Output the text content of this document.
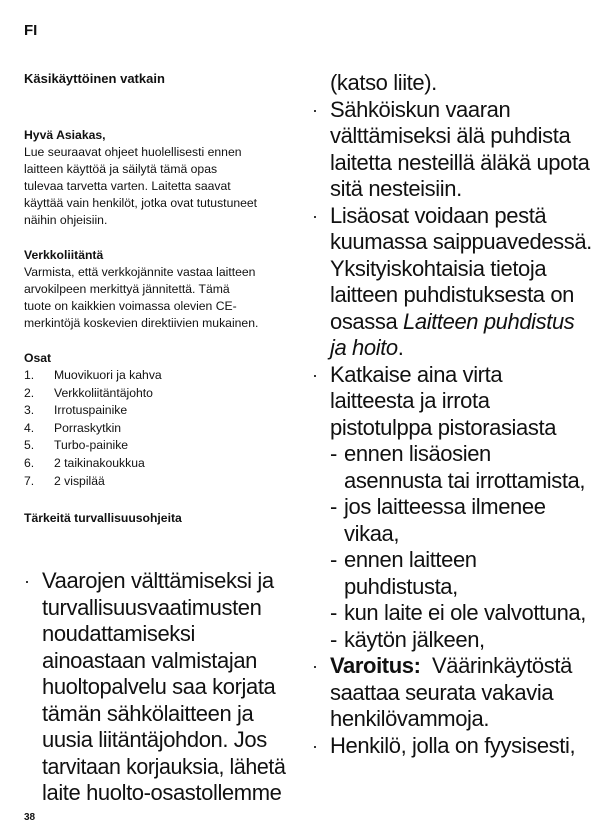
FI
Käsikäyttöinen vatkain
Hyvä Asiakas,
Lue seuraavat ohjeet huolellisesti ennen
laitteen käyttöä ja säilytä tämä opas
tulevaa tarvetta varten. Laitetta saavat
käyttää vain henkilöt, jotka ovat tutustuneet
näihin ohjeisiin.
Verkkoliitäntä
Varmista, että verkkojännite vastaa laitteen
arvokilpeen merkittyä jännitettä. Tämä
tuote on kaikkien voimassa olevien CE-
merkintöjä koskevien direktiivien mukainen.
Osat
1.	Muovikuori ja kahva
2.	Verkkoliitäntäjohto
3.	Irrotuspainike
4.	Porraskytkin
5.	Turbo-painike
6.	2 taikinakoukkua
7.	2 vispilää
Tärkeitä turvallisuusohjeita
· Vaarojen välttämiseksi ja
turvallisuusvaatimusten
noudattamiseksi
ainoastaan valmistajan
huoltopalvelu saa korjata
tämän sähkölaitteen ja
uusia liitäntäjohdon. Jos
tarvitaan korjauksia, lähetä
laite huolto-osastollemme
(katso liite).
· Sähköiskun vaaran
välttämiseksi älä puhdista
laitetta nesteillä äläkä upota
sitä nesteisiin.
· Lisäosat voidaan pestä
kuumassa saippuavedessä.
Yksityiskohtaisia tietoja
laitteen puhdistuksesta on
osassa Laitteen puhdistus
ja hoito.
· Katkaise aina virta
laitteesta ja irrota
pistotulppa pistorasiasta
- ennen lisäosien
asennusta tai irrottamista,
- jos laitteessa ilmenee
vikaa,
- ennen laitteen
puhdistusta,
- kun laite ei ole valvottuna,
- käytön jälkeen,
· Varoitus: Väärinkäytöstä
saattaa seurata vakavia
henkilövammoja.
· Henkilö, jolla on fyysisesti,
38
